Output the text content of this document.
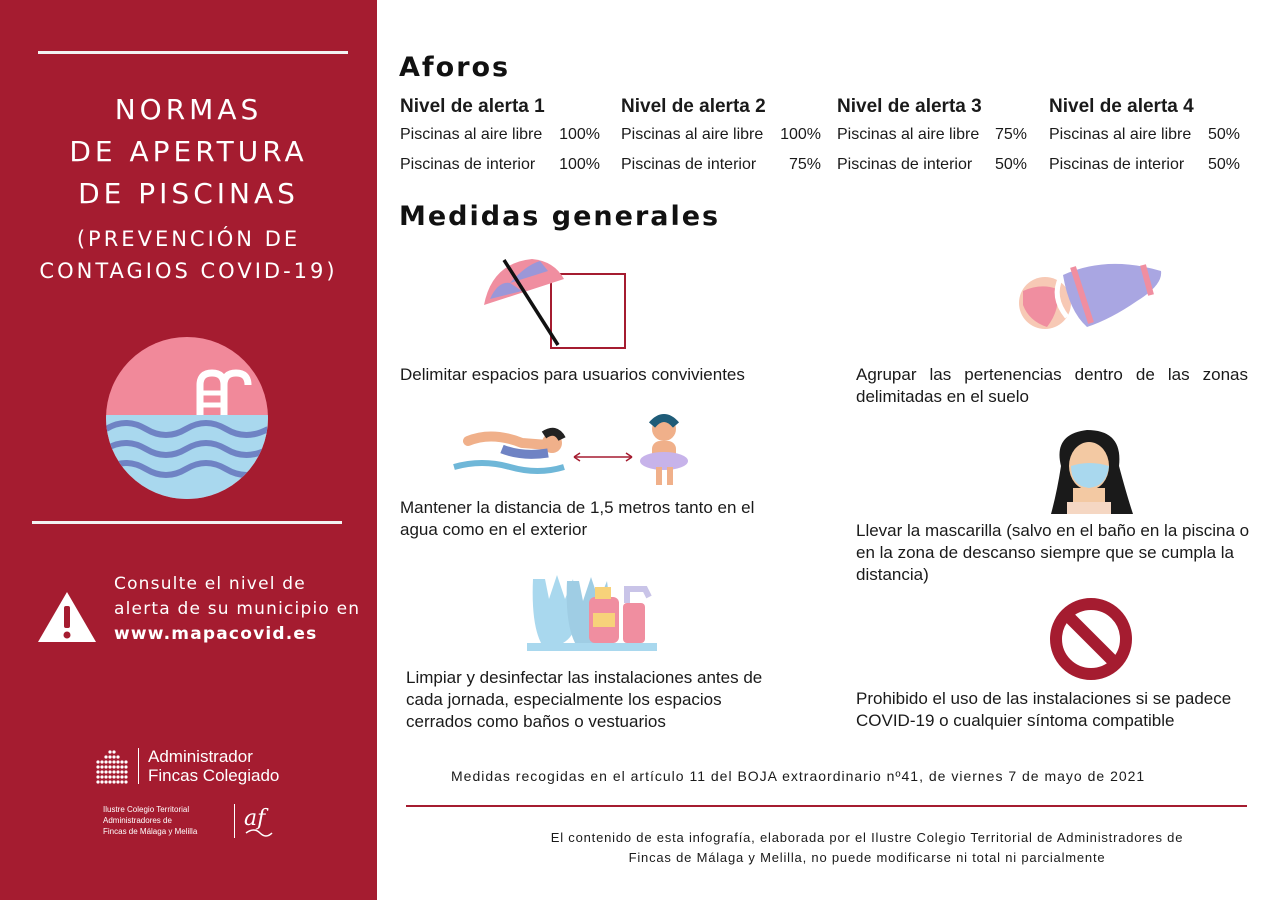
NORMAS
DE APERTURA
DE PISCINAS
(PREVENCIÓN DE
CONTAGIOS COVID-19)
Consulte el nivel de alerta de su municipio en www.mapacovid.es
Administrador
Fincas Colegiado
Ilustre Colegio Territorial
Administradores de
Fincas de Málaga y Melilla
af
Aforos
Nivel de alerta 1
Piscinas al aire libre 100%
Piscinas de interior 100%
Nivel de alerta 2
Piscinas al aire libre 100%
Piscinas de interior 75%
Nivel de alerta 3
Piscinas al aire libre 75%
Piscinas de interior 50%
Nivel de alerta 4
Piscinas al aire libre 50%
Piscinas de interior 50%
Medidas generales
Delimitar espacios para usuarios convivientes	Agrupar las pertenencias dentro de las zonas delimitadas en el suelo
Mantener la distancia de 1,5 metros tanto en el agua como en el exterior	Llevar la mascarilla (salvo en el baño en la piscina o en la zona de descanso siempre que se cumpla la distancia)
Limpiar y desinfectar las instalaciones antes de cada jornada, especialmente los espacios cerrados como baños o vestuarios
Prohibido el uso de las instalaciones si se padece COVID-19 o cualquier síntoma compatible
Medidas recogidas en el artículo 11 del BOJA extraordinario nº41, de viernes 7 de mayo de 2021
El contenido de esta infografía, elaborada por el Ilustre Colegio Territorial de Administradores de
Fincas de Málaga y Melilla, no puede modificarse ni total ni parcialmente
